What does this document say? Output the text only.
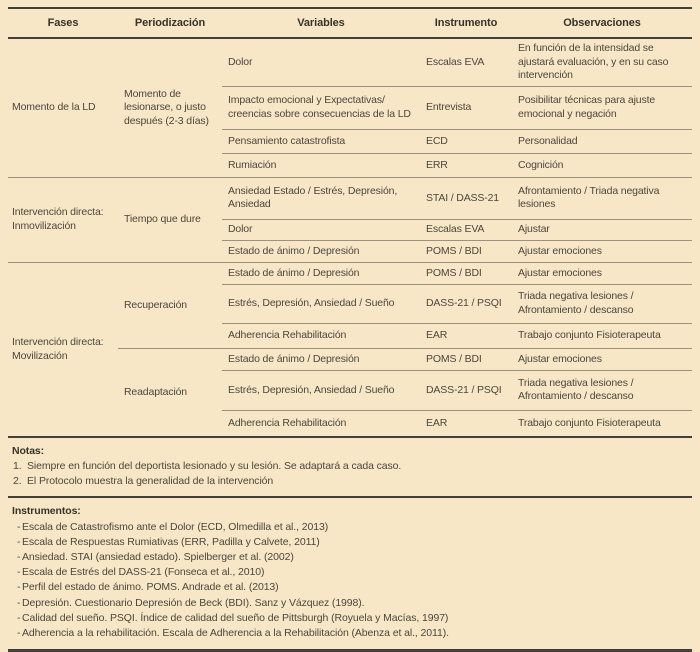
Fases	Periodización	Variables	Instrumento	Observaciones
Momento de la LD	Momento de lesionarse, o justo después (2-3 días)	Dolor	Escalas EVA	En función de la intensidad se ajustará evaluación, y en su caso intervención
		Impacto emocional y Expectativas/ creencias sobre consecuencias de la LD	Entrevista	Posibilitar técnicas para ajuste emocional y negación
		Pensamiento catastrofista	ECD	Personalidad
		Rumiación	ERR	Cognición
Intervención directa: Inmovilización	Tiempo que dure	Ansiedad Estado / Estrés, Depresión, Ansiedad	STAI / DASS-21	Afrontamiento / Triada negativa lesiones
		Dolor	Escalas EVA	Ajustar
		Estado de ánimo / Depresión	POMS / BDI	Ajustar emociones
Intervención directa: Movilización	Recuperación	Estado de ánimo / Depresión	POMS / BDI	Ajustar emociones
		Estrés, Depresión, Ansiedad / Sueño	DASS-21 / PSQI	Triada negativa lesiones / Afrontamiento / descanso
		Adherencia Rehabilitación	EAR	Trabajo conjunto Fisioterapeuta
	Readaptación	Estado de ánimo / Depresión	POMS / BDI	Ajustar emociones
		Estrés, Depresión, Ansiedad / Sueño	DASS-21 / PSQI	Triada negativa lesiones / Afrontamiento / descanso
		Adherencia Rehabilitación	EAR	Trabajo conjunto Fisioterapeuta
Notas:
1. Siempre en función del deportista lesionado y su lesión. Se adaptará a cada caso.
2. El Protocolo muestra la generalidad de la intervención
Instrumentos:
- Escala de Catastrofismo ante el Dolor (ECD, Olmedilla et al., 2013)
- Escala de Respuestas Rumiativas (ERR, Padilla y Calvete, 2011)
- Ansiedad. STAI (ansiedad estado). Spielberger et al. (2002)
- Escala de Estrés del DASS-21 (Fonseca et al., 2010)
- Perfil del estado de ánimo. POMS. Andrade et al. (2013)
- Depresión. Cuestionario Depresión de Beck (BDI). Sanz y Vázquez (1998).
- Calidad del sueño. PSQI. Índice de calidad del sueño de Pittsburgh (Royuela y Macías, 1997)
- Adherencia a la rehabilitación. Escala de Adherencia a la Rehabilitación (Abenza et al., 2011).
